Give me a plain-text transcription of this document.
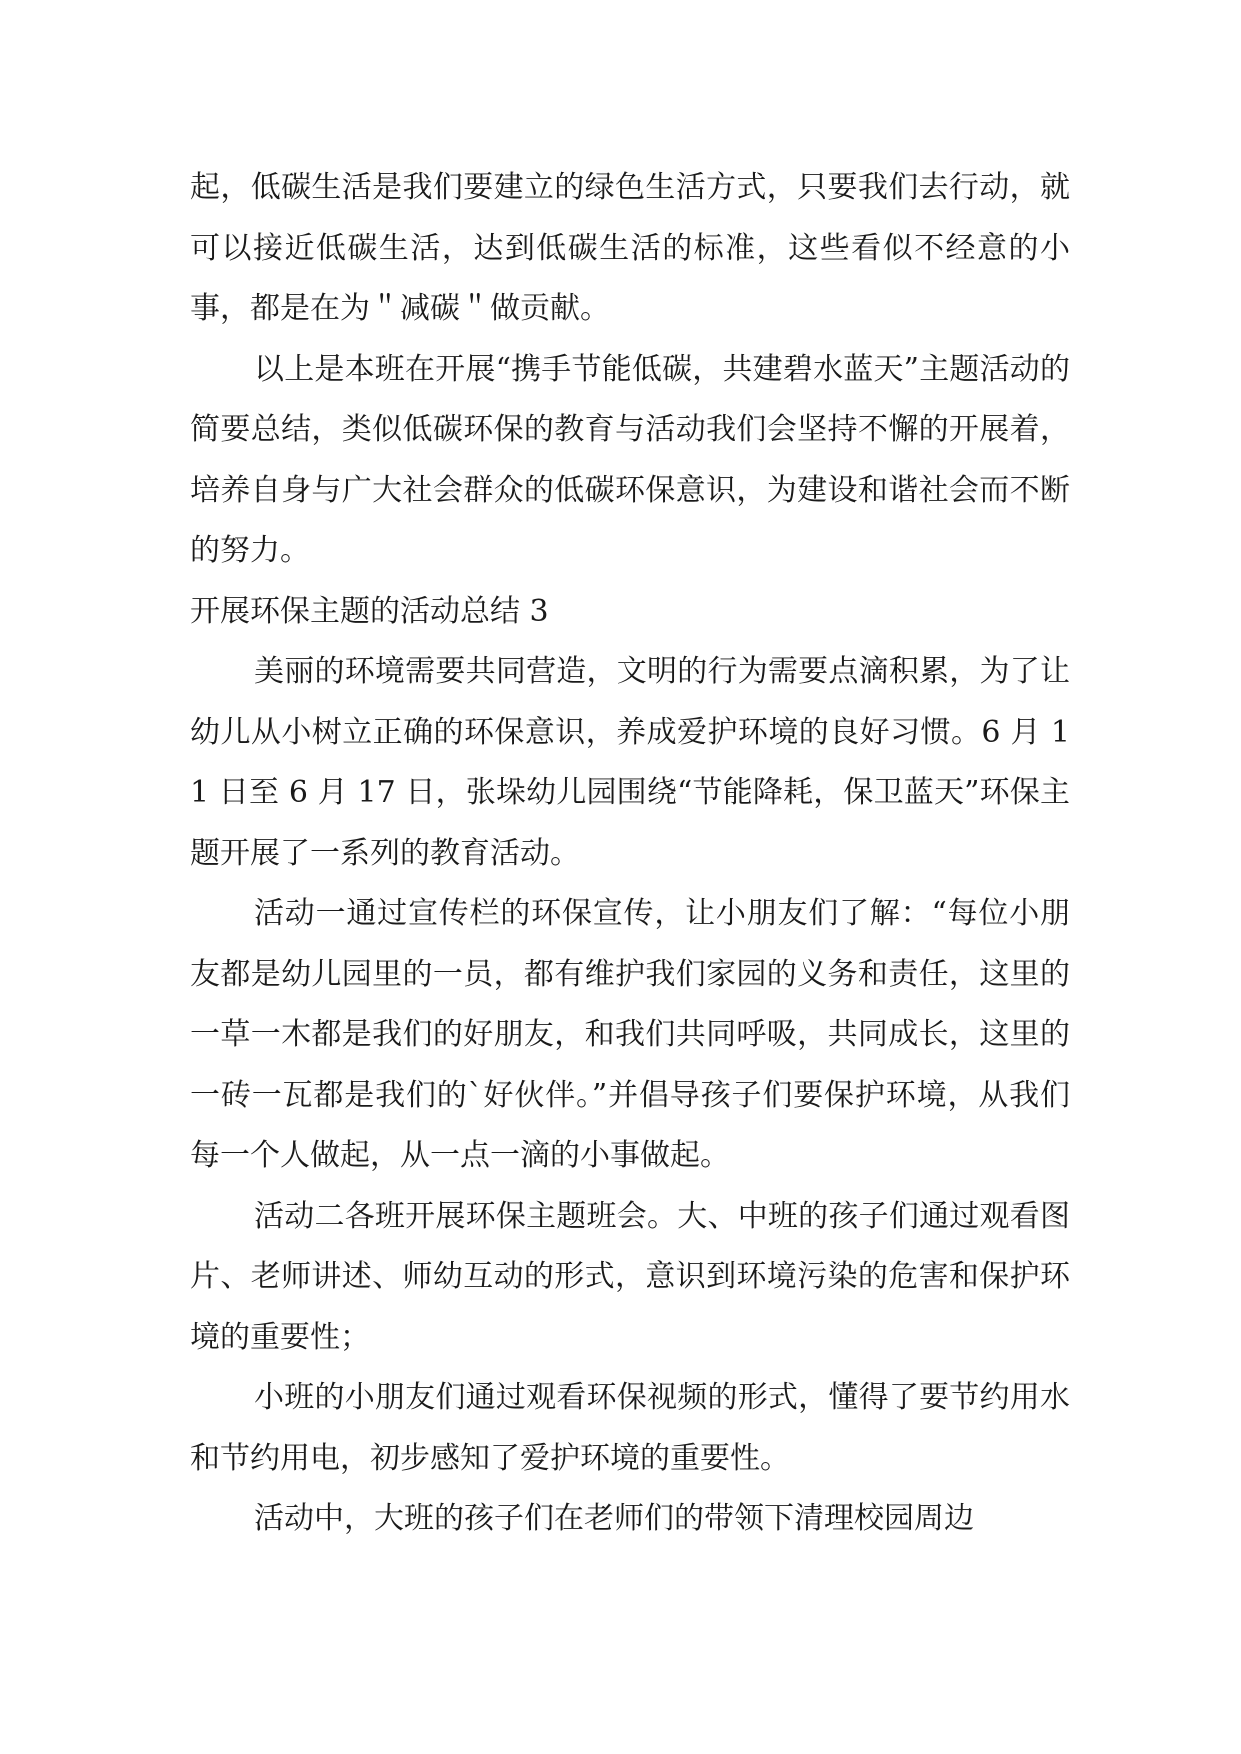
起，低碳生活是我们要建立的绿色生活方式，只要我们去行动，就可以接近低碳生活，达到低碳生活的标准，这些看似不经意的小事，都是在为＂减碳＂做贡献。

以上是本班在开展“携手节能低碳，共建碧水蓝天”主题活动的简要总结，类似低碳环保的教育与活动我们会坚持不懈的开展着，培养自身与广大社会群众的低碳环保意识，为建设和谐社会而不断的努力。

开展环保主题的活动总结 3

美丽的环境需要共同营造，文明的行为需要点滴积累，为了让幼儿从小树立正确的环保意识，养成爱护环境的良好习惯。6 月 11 日至 6 月 17 日，张垛幼儿园围绕“节能降耗，保卫蓝天”环保主题开展了一系列的教育活动。

活动一通过宣传栏的环保宣传，让小朋友们了解：“每位小朋友都是幼儿园里的一员，都有维护我们家园的义务和责任，这里的一草一木都是我们的好朋友，和我们共同呼吸，共同成长，这里的一砖一瓦都是我们的`好伙伴。”并倡导孩子们要保护环境，从我们每一个人做起，从一点一滴的小事做起。

活动二各班开展环保主题班会。大、中班的孩子们通过观看图片、老师讲述、师幼互动的形式，意识到环境污染的危害和保护环境的重要性；

小班的小朋友们通过观看环保视频的形式，懂得了要节约用水和节约用电，初步感知了爱护环境的重要性。

活动中，大班的孩子们在老师们的带领下清理校园周边
